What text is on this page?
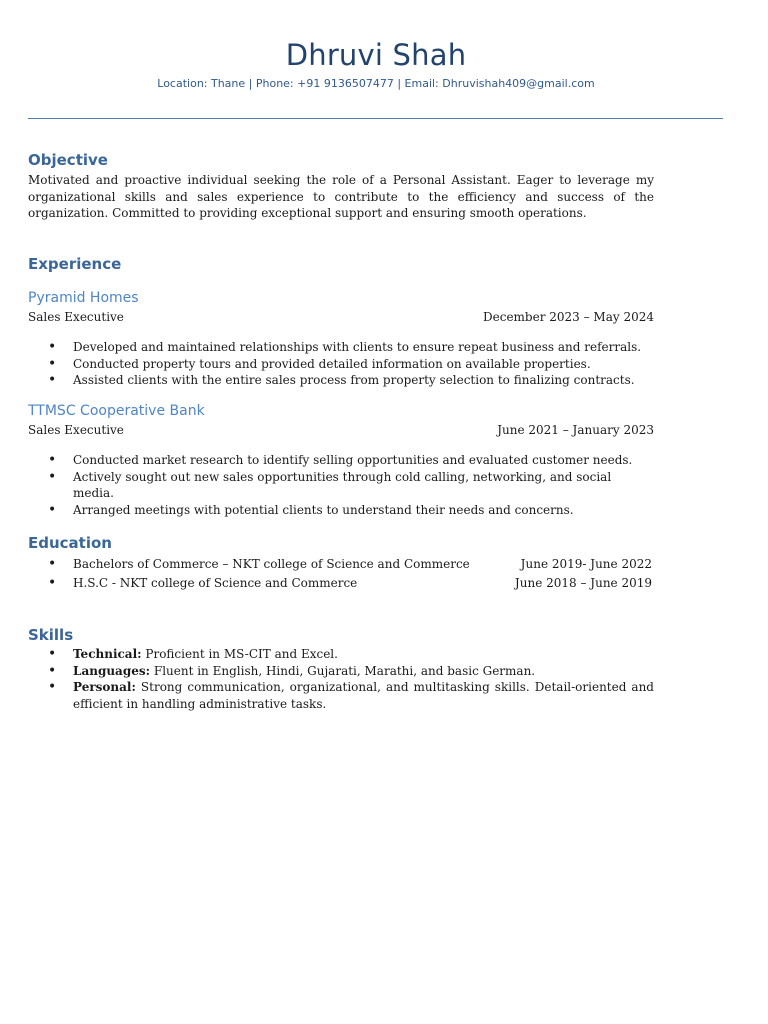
Dhruvi Shah
Location: Thane | Phone: +91 9136507477 | Email: Dhruvishah409@gmail.com
Objective
Motivated and proactive individual seeking the role of a Personal Assistant. Eager to leverage my organizational skills and sales experience to contribute to the efficiency and success of the organization. Committed to providing exceptional support and ensuring smooth operations.
Experience
Pyramid Homes
Sales Executive	December 2023 – May 2024
• Developed and maintained relationships with clients to ensure repeat business and referrals.
• Conducted property tours and provided detailed information on available properties.
• Assisted clients with the entire sales process from property selection to finalizing contracts.
TTMSC Cooperative Bank
Sales Executive	June 2021 – January 2023
• Conducted market research to identify selling opportunities and evaluated customer needs.
• Actively sought out new sales opportunities through cold calling, networking, and social media.
• Arranged meetings with potential clients to understand their needs and concerns.
Education
• Bachelors of Commerce – NKT college of Science and Commerce	June 2019- June 2022
• H.S.C - NKT college of Science and Commerce	June 2018 – June 2019
Skills
• Technical: Proficient in MS-CIT and Excel.
• Languages: Fluent in English, Hindi, Gujarati, Marathi, and basic German.
• Personal: Strong communication, organizational, and multitasking skills. Detail-oriented and efficient in handling administrative tasks.
